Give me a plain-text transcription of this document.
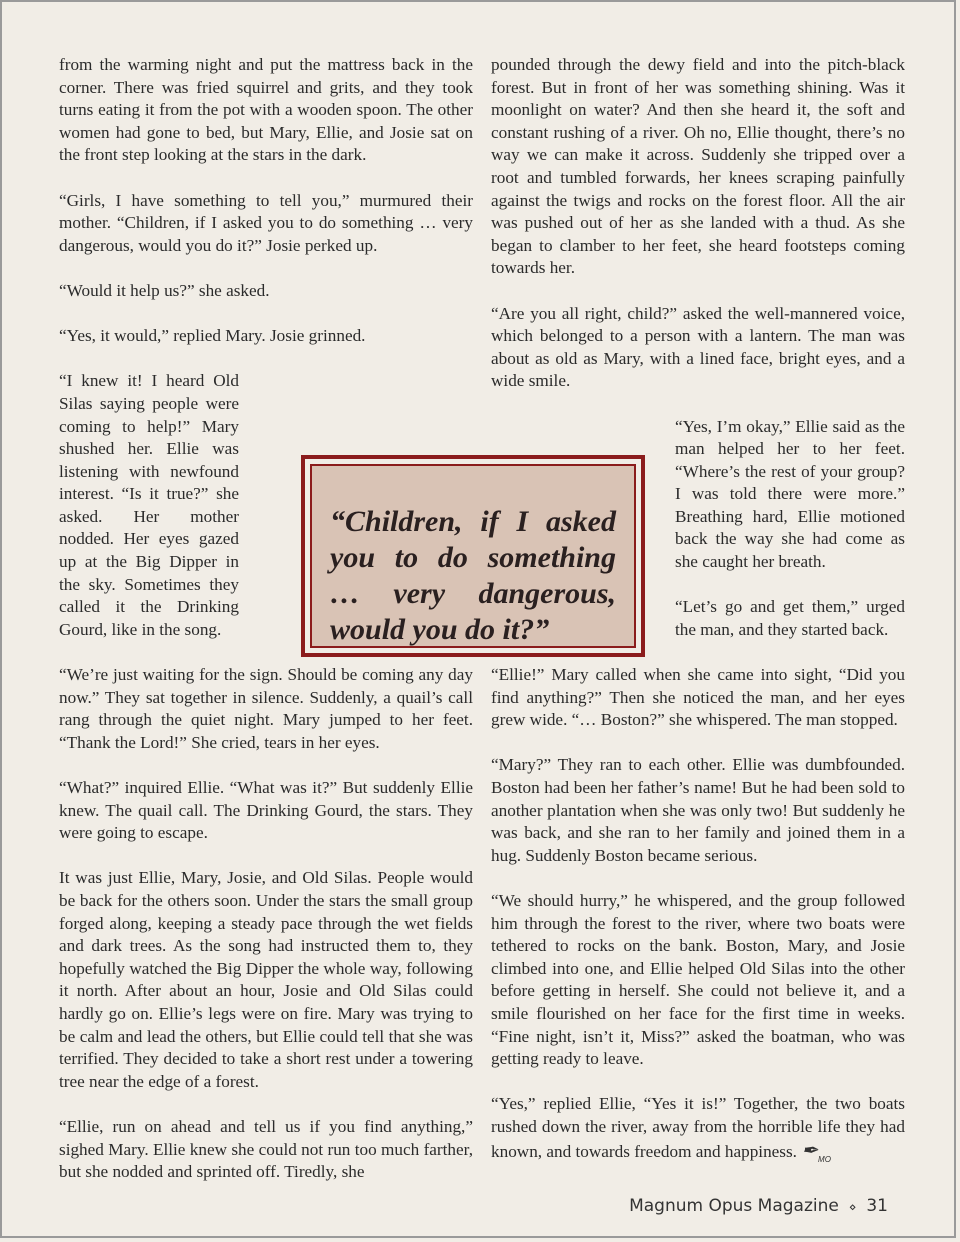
from the warming night and put the mattress back in the corner. There was fried squirrel and grits, and they took turns eating it from the pot with a wooden spoon. The other women had gone to bed, but Mary, Ellie, and Josie sat on the front step looking at the stars in the dark.

“Girls, I have something to tell you,” murmured their mother. “Children, if I asked you to do something … very dangerous, would you do it?” Josie perked up.

“Would it help us?” she asked.

“Yes, it would,” replied Mary. Josie grinned.

“I knew it! I heard Old Silas saying people were coming to help!” Mary shushed her. Ellie was listening with newfound interest. “Is it true?” she asked. Her mother nodded. Her eyes gazed up at the Big Dipper in the sky. Sometimes they called it the Drinking Gourd, like in the song.

“We’re just waiting for the sign. Should be coming any day now.” They sat together in silence. Suddenly, a quail’s call rang through the quiet night. Mary jumped to her feet. “Thank the Lord!” She cried, tears in her eyes.

“What?” inquired Ellie. “What was it?” But suddenly Ellie knew. The quail call. The Drinking Gourd, the stars. They were going to escape.

It was just Ellie, Mary, Josie, and Old Silas. People would be back for the others soon. Under the stars the small group forged along, keeping a steady pace through the wet fields and dark trees. As the song had instructed them to, they hopefully watched the Big Dipper the whole way, following it north. After about an hour, Josie and Old Silas could hardly go on. Ellie’s legs were on fire. Mary was trying to be calm and lead the others, but Ellie could tell that she was terrified. They decided to take a short rest under a towering tree near the edge of a forest.

“Ellie, run on ahead and tell us if you find anything,” sighed Mary. Ellie knew she could not run too much farther, but she nodded and sprinted off. Tiredly, she

pounded through the dewy field and into the pitch-black forest. But in front of her was something shining. Was it moonlight on water? And then she heard it, the soft and constant rushing of a river. Oh no, Ellie thought, there’s no way we can make it across. Suddenly she tripped over a root and tumbled forwards, her knees scraping painfully against the twigs and rocks on the forest floor. All the air was pushed out of her as she landed with a thud. As she began to clamber to her feet, she heard footsteps coming towards her.

“Are you all right, child?” asked the well-mannered voice, which belonged to a person with a lantern. The man was about as old as Mary, with a lined face, bright eyes, and a wide smile.

“Yes, I’m okay,” Ellie said as the man helped her to her feet. “Where’s the rest of your group? I was told there were more.” Breathing hard, Ellie motioned back the way she had come as she caught her breath.

“Let’s go and get them,” urged the man, and they started back.

“Ellie!” Mary called when she came into sight, “Did you find anything?” Then she noticed the man, and her eyes grew wide. “… Boston?” she whispered. The man stopped.

“Mary?” They ran to each other. Ellie was dumbfounded. Boston had been her father’s name! But he had been sold to another plantation when she was only two! But suddenly he was back, and she ran to her family and joined them in a hug. Suddenly Boston became serious.

“We should hurry,” he whispered, and the group followed him through the forest to the river, where two boats were tethered to rocks on the bank. Boston, Mary, and Josie climbed into one, and Ellie helped Old Silas into the other before getting in herself. She could not believe it, and a smile flourished on her face for the first time in weeks. “Fine night, isn’t it, Miss?” asked the boatman, who was getting ready to leave.

“Yes,” replied Ellie, “Yes it is!” Together, the two boats rushed down the river, away from the horrible life they had known, and towards freedom and happiness. $✒_{MO}$

“Children, if I asked you to do something … very dangerous, would you do it?”
Magnum Opus Magazine ⋄ 31
